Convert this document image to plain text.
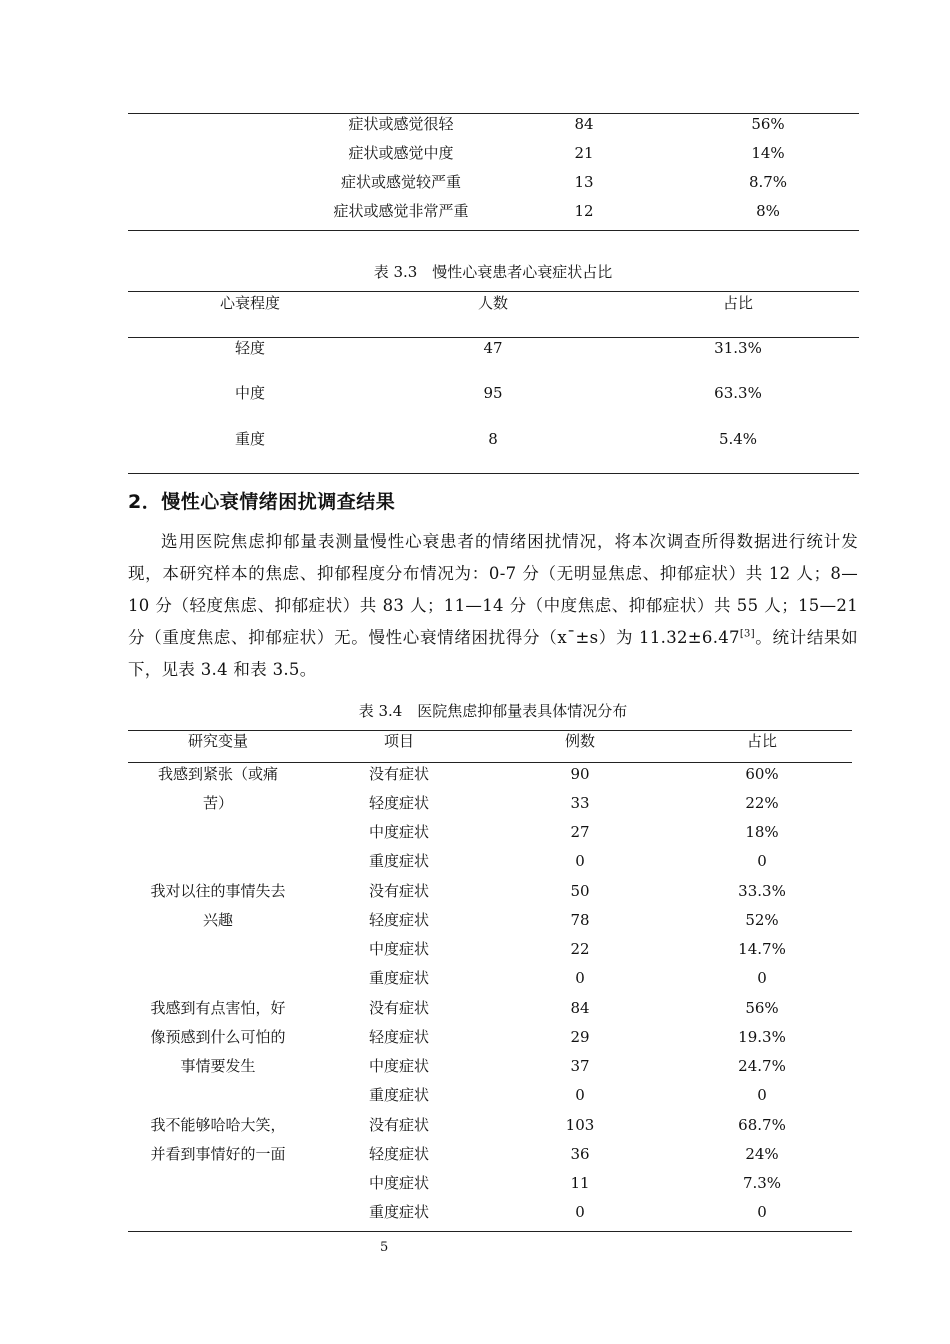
症状或感觉很轻	84	56%
症状或感觉中度	21	14%
症状或感觉较严重	13	8.7%
症状或感觉非常严重	12	8%
表 3.3　慢性心衰患者心衰症状占比
心衰程度	人数	占比
轻度	47	31.3%
中度	95	63.3%
重度	8	5.4%
2．慢性心衰情绪困扰调查结果
选用医院焦虑抑郁量表测量慢性心衰患者的情绪困扰情况，将本次调查所得数据进行统计发现，本研究样本的焦虑、抑郁程度分布情况为：0-7 分（无明显焦虑、抑郁症状）共 12 人；8—10 分（轻度焦虑、抑郁症状）共 83 人；11—14 分（中度焦虑、抑郁症状）共 55 人；15—21 分（重度焦虑、抑郁症状）无。慢性心衰情绪困扰得分（x¯±s）为 11.32±6.47[3]。统计结果如下，见表 3.4 和表 3.5。
表 3.4　医院焦虑抑郁量表具体情况分布
研究变量	项目	例数	占比
我感到紧张（或痛
苦）
没有症状	90	60%
轻度症状	33	22%
中度症状	27	18%
重度症状	0	0
我对以往的事情失去
兴趣
没有症状	50	33.3%
轻度症状	78	52%
中度症状	22	14.7%
重度症状	0	0
我感到有点害怕，好
像预感到什么可怕的
事情要发生
没有症状	84	56%
轻度症状	29	19.3%
中度症状	37	24.7%
重度症状	0	0
我不能够哈哈大笑，
并看到事情好的一面
没有症状	103	68.7%
轻度症状	36	24%
中度症状	11	7.3%
重度症状	0	0
5
